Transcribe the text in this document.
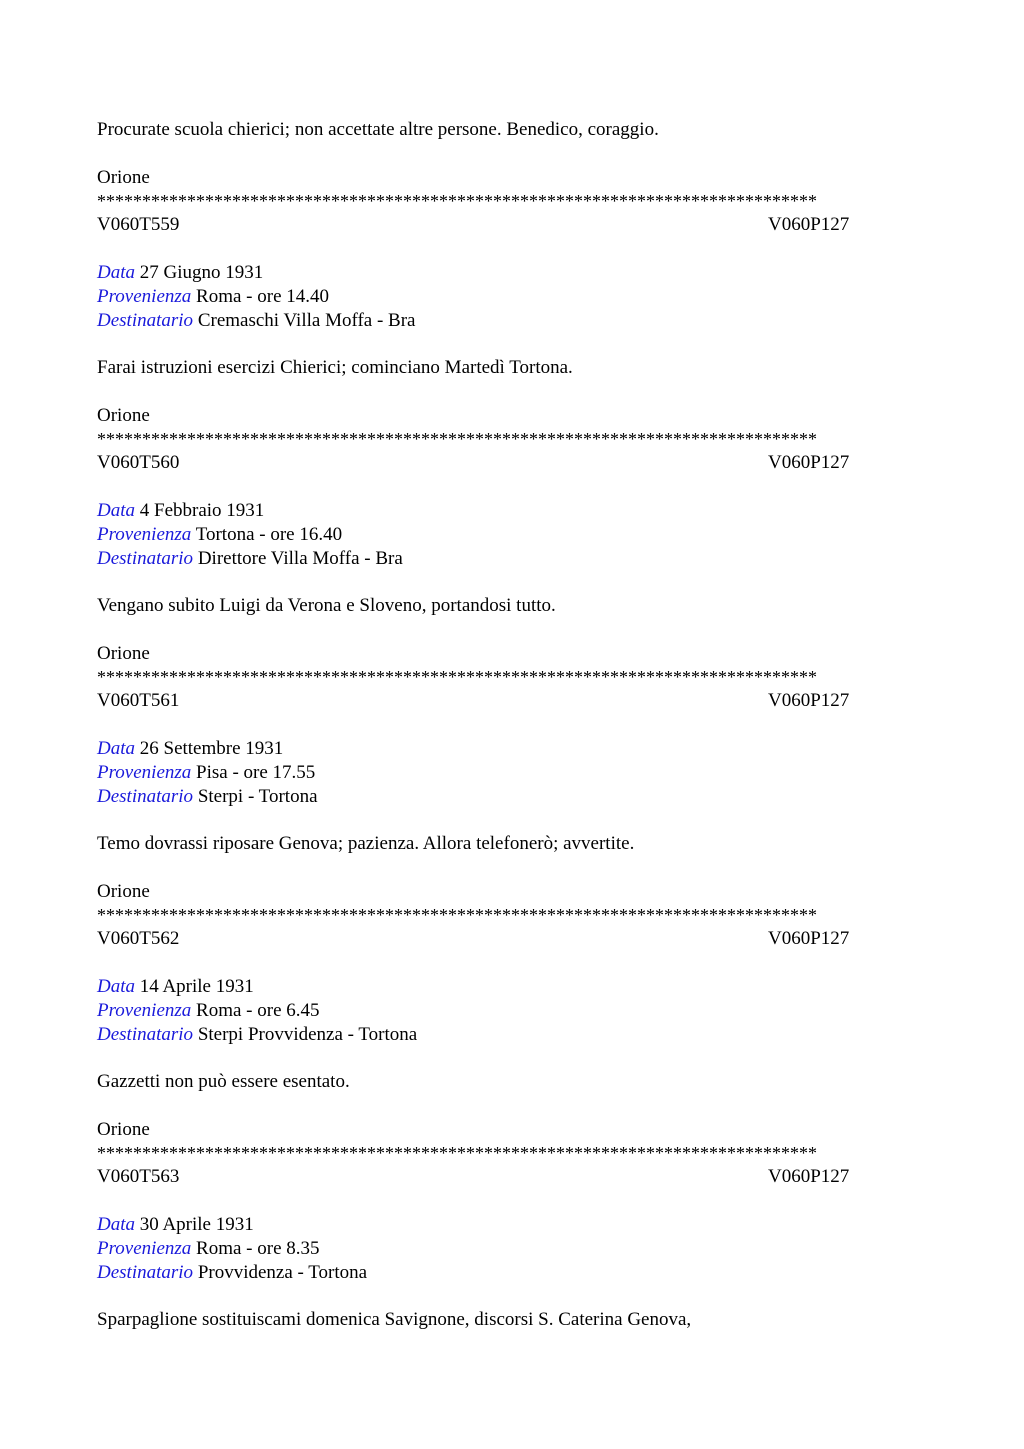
Procurate scuola chierici; non accettate altre persone. Benedico, coraggio.
Orione
********************************************************************************
V060T559	V060P127
Data 27 Giugno 1931
Provenienza Roma - ore 14.40
Destinatario Cremaschi Villa Moffa - Bra
Farai istruzioni esercizi Chierici; cominciano Martedì Tortona.
Orione
********************************************************************************
V060T560	V060P127
Data 4 Febbraio 1931
Provenienza Tortona - ore 16.40
Destinatario Direttore Villa Moffa - Bra
Vengano subito Luigi da Verona e Sloveno, portandosi tutto.
Orione
********************************************************************************
V060T561	V060P127
Data 26 Settembre 1931
Provenienza Pisa - ore 17.55
Destinatario Sterpi - Tortona
Temo dovrassi riposare Genova; pazienza. Allora telefonerò; avvertite.
Orione
********************************************************************************
V060T562	V060P127
Data 14 Aprile 1931
Provenienza Roma - ore 6.45
Destinatario Sterpi Provvidenza - Tortona
Gazzetti non può essere esentato.
Orione
********************************************************************************
V060T563	V060P127
Data 30 Aprile 1931
Provenienza Roma - ore 8.35
Destinatario Provvidenza - Tortona
Sparpaglione sostituiscami domenica Savignone, discorsi S. Caterina Genova,
